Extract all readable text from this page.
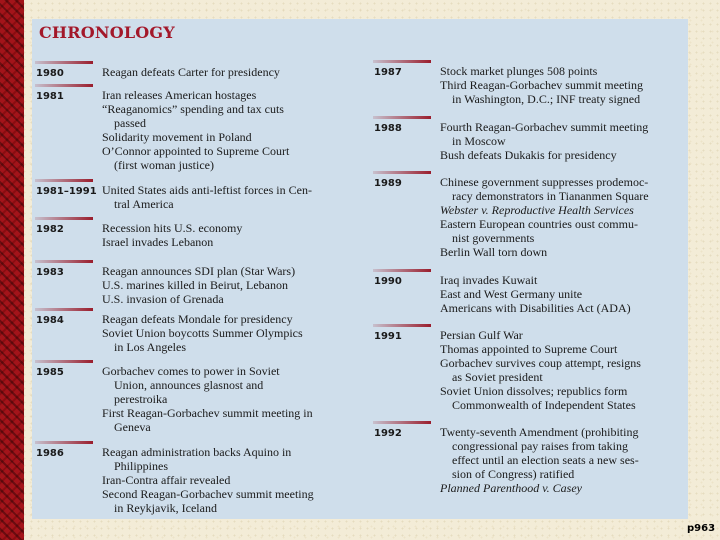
CHRONOLOGY
1980	Reagan defeats Carter for presidency
1981	Iran releases American hostages
“Reaganomics” spending and tax cuts
passed
Solidarity movement in Poland
O’Connor appointed to Supreme Court
(first woman justice)
1981–1991 United States aids anti-leftist forces in Cen-
tral America
1982	Recession hits U.S. economy
Israel invades Lebanon
1983	Reagan announces SDI plan (Star Wars)
U.S. marines killed in Beirut, Lebanon
U.S. invasion of Grenada
1984	Reagan defeats Mondale for presidency
Soviet Union boycotts Summer Olympics
in Los Angeles
1985	Gorbachev comes to power in Soviet
Union, announces glasnost and
perestroika
First Reagan-Gorbachev summit meeting in
Geneva
1986	Reagan administration backs Aquino in
Philippines
Iran-Contra affair revealed
Second Reagan-Gorbachev summit meeting
in Reykjavik, Iceland
1987	Stock market plunges 508 points
Third Reagan-Gorbachev summit meeting
in Washington, D.C.; INF treaty signed
1988	Fourth Reagan-Gorbachev summit meeting
in Moscow
Bush defeats Dukakis for presidency
1989	Chinese government suppresses prodemoc-
racy demonstrators in Tiananmen Square
Webster v. Reproductive Health Services
Eastern European countries oust commu-
nist governments
Berlin Wall torn down
1990	Iraq invades Kuwait
East and West Germany unite
Americans with Disabilities Act (ADA)
1991	Persian Gulf War
Thomas appointed to Supreme Court
Gorbachev survives coup attempt, resigns
as Soviet president
Soviet Union dissolves; republics form
Commonwealth of Independent States
1992	Twenty-seventh Amendment (prohibiting
congressional pay raises from taking
effect until an election seats a new ses-
sion of Congress) ratified
Planned Parenthood v. Casey
p963
